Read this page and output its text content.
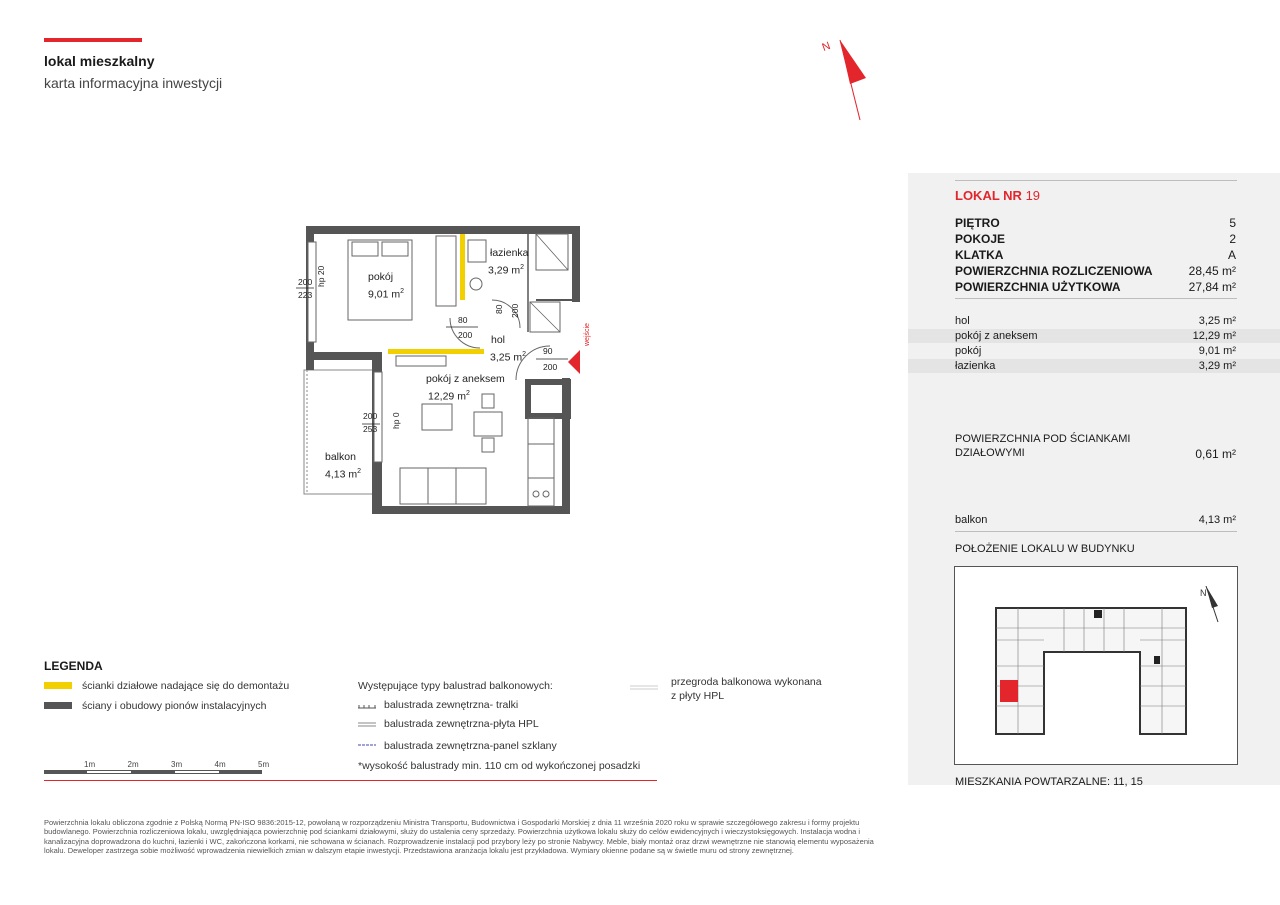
lokal mieszkalny
karta informacyjna inwestycji
N
pokój
9,01 $m^2$
łazienka
3,29 $m^2$
hol
3,25 $m^2$
pokój z aneksem
12,29 $m^2$
balkon
4,13 $m^2$
wejście
200
223
hp 20
80
200
80 200
90
200
200
253 hp 0
LOKAL NR 19
PIĘTRO	5
POKOJE	2
KLATKA	A
POWIERZCHNIA ROZLICZENIOWA	28,45 m²
POWIERZCHNIA UŻYTKOWA	27,84 m²
hol	3,25 m²
pokój z aneksem	12,29 m²
pokój	9,01 m²
łazienka	3,29 m²
POWIERZCHNIA POD ŚCIANKAMI
DZIAŁOWYMI	0,61 m²
balkon	4,13 m²
POŁOŻENIE LOKALU W BUDYNKU
N
MIESZKANIA POWTARZALNE: 11, 15
LEGENDA
ścianki działowe nadające się do demontażu
ściany i obudowy pionów instalacyjnych
Występujące typy balustrad balkonowych:
balustrada zewnętrzna- tralki
balustrada zewnętrzna-płyta HPL
balustrada zewnętrzna-panel szklany
*wysokość balustrady min. 110 cm od wykończonej posadzki
przegroda balkonowa wykonana
z płyty HPL
1m	2m	3m	4m	5m
Powierzchnia lokalu obliczona zgodnie z Polską Normą PN-ISO 9836:2015-12, powołaną w rozporządzeniu Ministra Transportu, Budownictwa i Gospodarki Morskiej z dnia 11 września 2020 roku w sprawie szczegółowego zakresu i formy projektu budowlanego. Powierzchnia rozliczeniowa lokalu, uwzględniająca powierzchnię pod ściankami działowymi, służy do ustalenia ceny sprzedaży. Powierzchnia użytkowa lokalu służy do celów ewidencyjnych i wieczystoksięgowych. Instalacja wodna i kanalizacyjna doprowadzona do kuchni, łazienki i WC, zakończona korkami, nie schowana w ścianach. Rozprowadzenie instalacji pod przybory leży po stronie Nabywcy. Meble, biały montaż oraz drzwi wewnętrzne nie stanowią elementu wyposażenia lokalu. Deweloper zastrzega sobie możliwość wprowadzenia niewielkich zmian w dalszym etapie inwestycji. Przedstawiona aranżacja lokalu jest przykładowa. Wymiary okienne podane są w świetle muru od strony zewnętrznej.
